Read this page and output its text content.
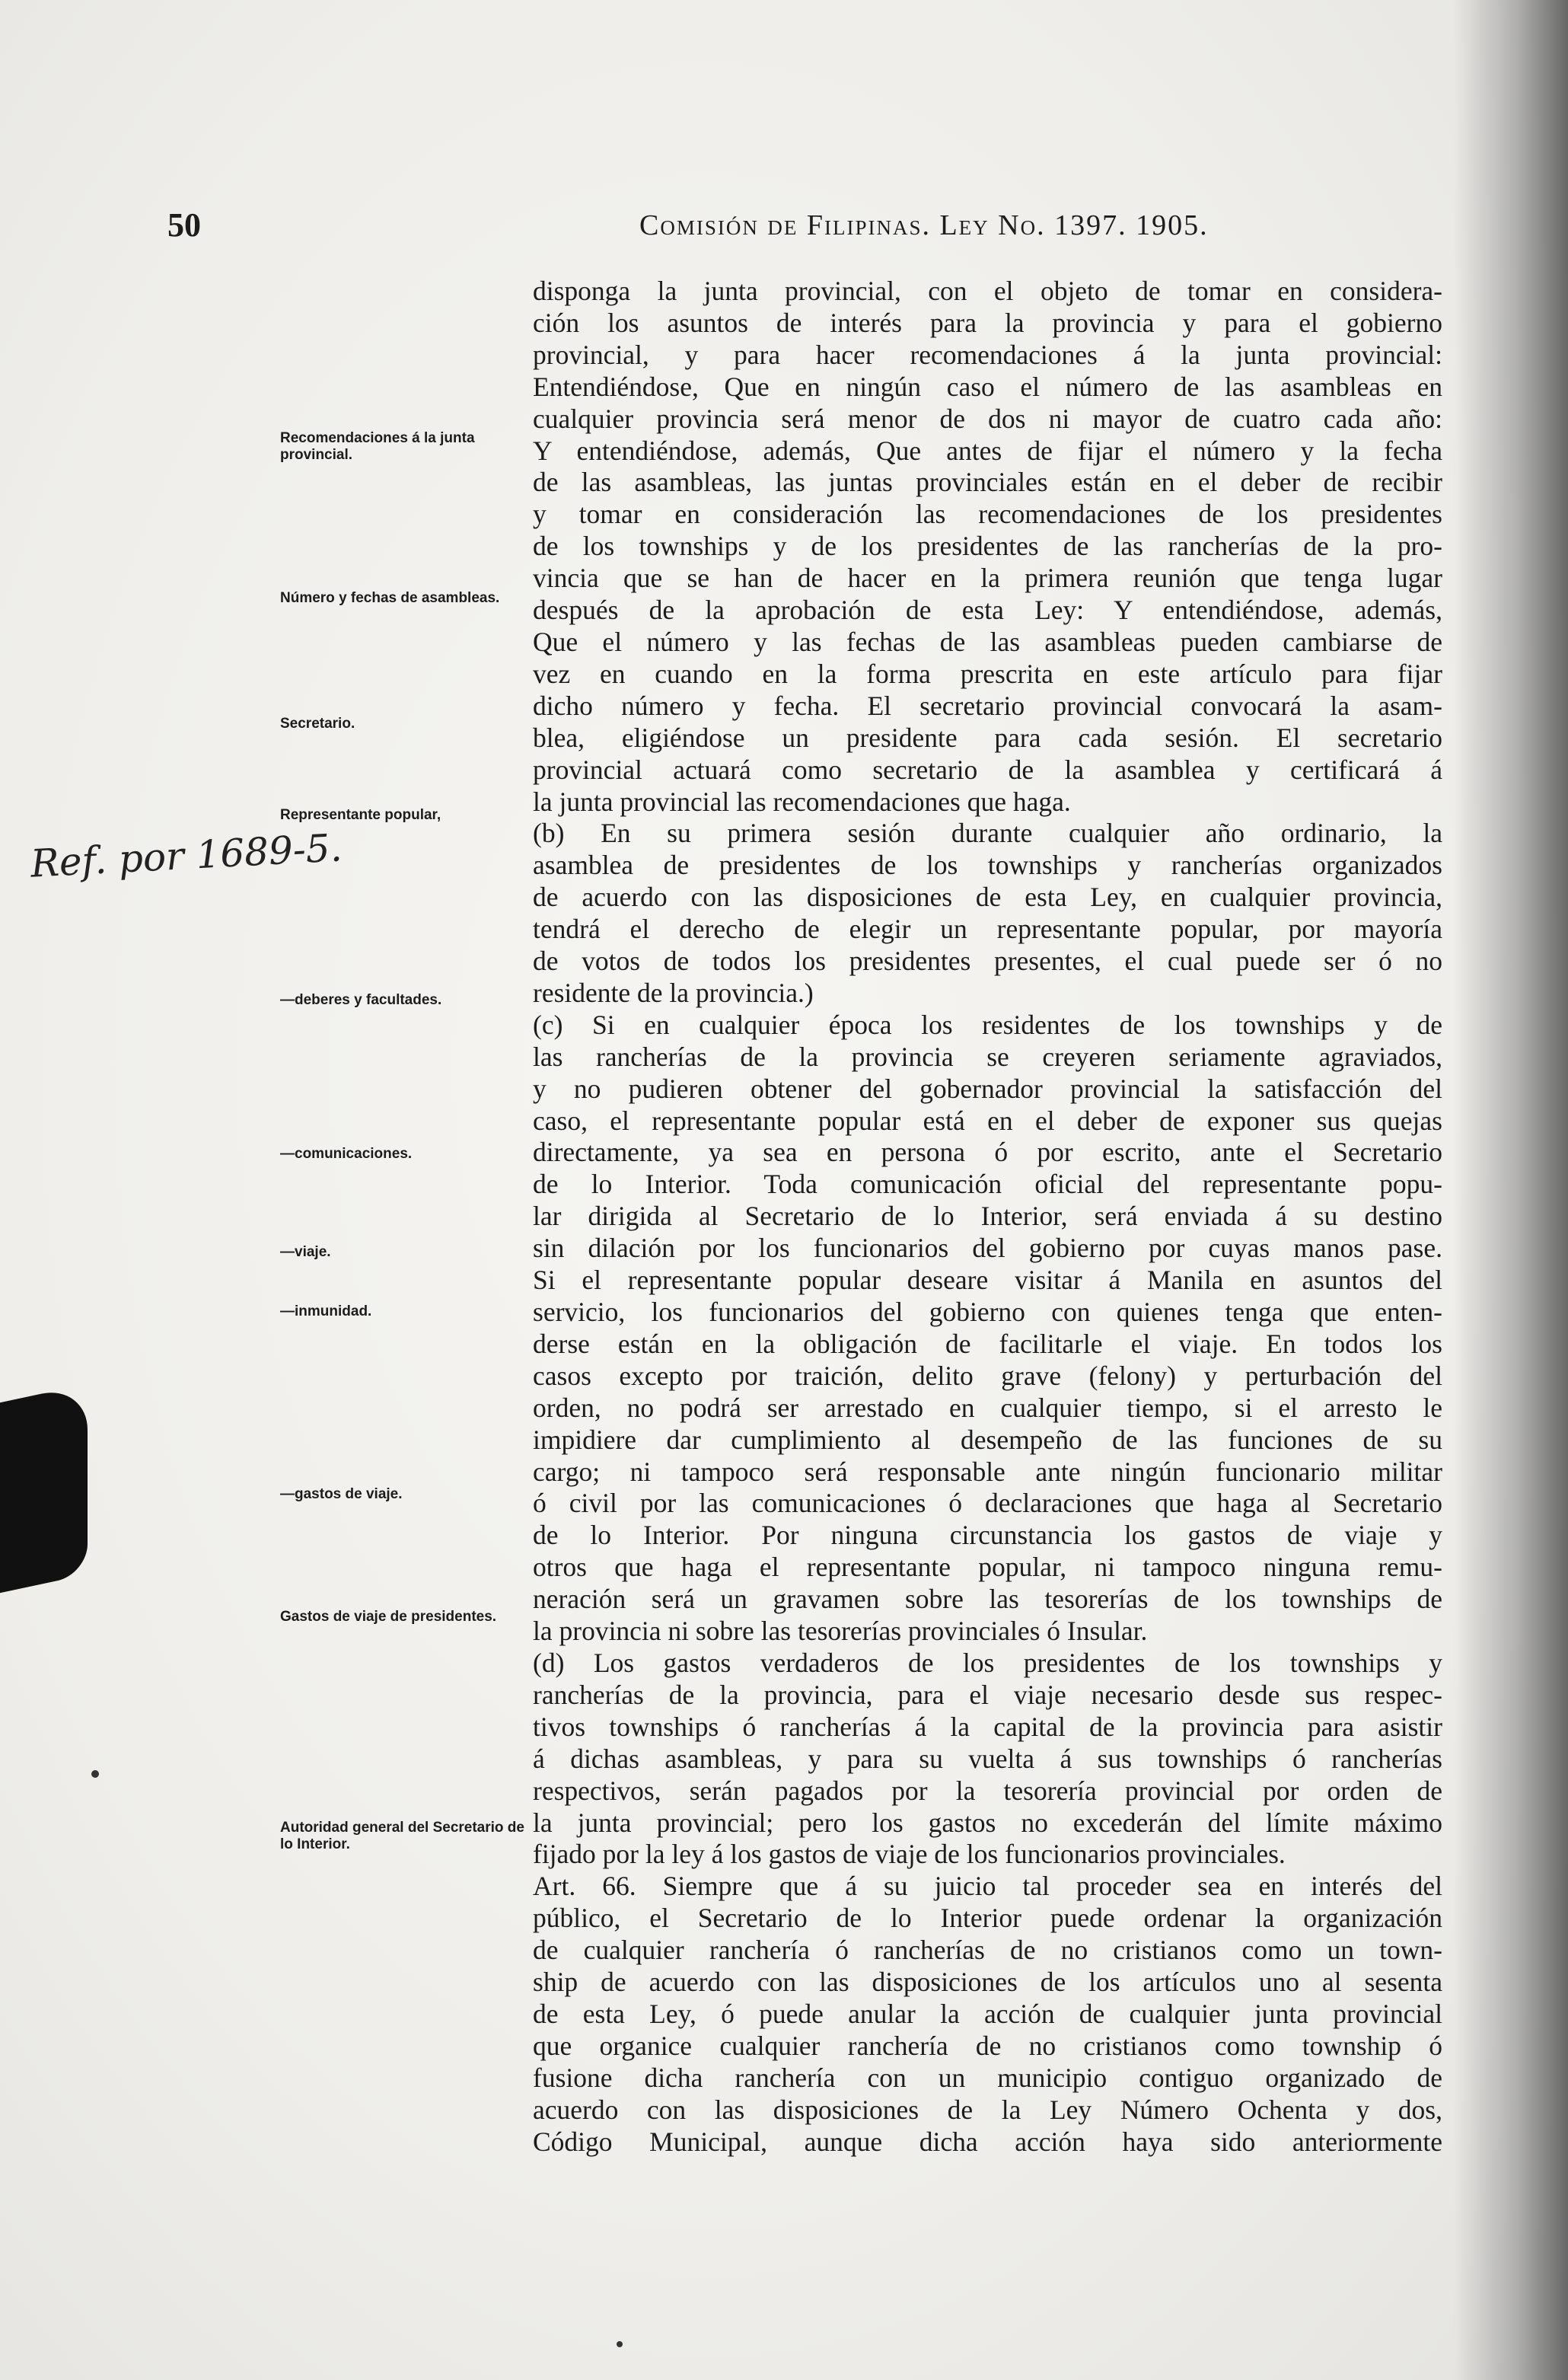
50	Comisión de Filipinas. Ley No. 1397. 1905.
Recomendaciones á la junta provincial.
Número y fechas de asambleas.
Secretario.
Representante popular,
—deberes y facultades.
—comunicaciones.
—viaje.
—inmunidad.
—gastos de viaje.
Gastos de viaje de presidentes.
Autoridad general del Secretario de lo Interior.
Ref. por 1689-5.
disponga la junta provincial, con el objeto de tomar en considera-
ción los asuntos de interés para la provincia y para el gobierno
provincial, y para hacer recomendaciones á la junta provincial:
Entendiéndose, Que en ningún caso el número de las asambleas en
cualquier provincia será menor de dos ni mayor de cuatro cada año:
Y entendiéndose, además, Que antes de fijar el número y la fecha
de las asambleas, las juntas provinciales están en el deber de recibir
y tomar en consideración las recomendaciones de los presidentes
de los townships y de los presidentes de las rancherías de la pro-
vincia que se han de hacer en la primera reunión que tenga lugar
después de la aprobación de esta Ley: Y entendiéndose, además,
Que el número y las fechas de las asambleas pueden cambiarse de
vez en cuando en la forma prescrita en este artículo para fijar
dicho número y fecha. El secretario provincial convocará la asam-
blea, eligiéndose un presidente para cada sesión. El secretario
provincial actuará como secretario de la asamblea y certificará á
la junta provincial las recomendaciones que haga.
(b) En su primera sesión durante cualquier año ordinario, la
asamblea de presidentes de los townships y rancherías organizados
de acuerdo con las disposiciones de esta Ley, en cualquier provincia,
tendrá el derecho de elegir un representante popular, por mayoría
de votos de todos los presidentes presentes, el cual puede ser ó no
residente de la provincia.)
(c) Si en cualquier época los residentes de los townships y de
las rancherías de la provincia se creyeren seriamente agraviados,
y no pudieren obtener del gobernador provincial la satisfacción del
caso, el representante popular está en el deber de exponer sus quejas
directamente, ya sea en persona ó por escrito, ante el Secretario
de lo Interior. Toda comunicación oficial del representante popu-
lar dirigida al Secretario de lo Interior, será enviada á su destino
sin dilación por los funcionarios del gobierno por cuyas manos pase.
Si el representante popular deseare visitar á Manila en asuntos del
servicio, los funcionarios del gobierno con quienes tenga que enten-
derse están en la obligación de facilitarle el viaje. En todos los
casos excepto por traición, delito grave (felony) y perturbación del
orden, no podrá ser arrestado en cualquier tiempo, si el arresto le
impidiere dar cumplimiento al desempeño de las funciones de su
cargo; ni tampoco será responsable ante ningún funcionario militar
ó civil por las comunicaciones ó declaraciones que haga al Secretario
de lo Interior. Por ninguna circunstancia los gastos de viaje y
otros que haga el representante popular, ni tampoco ninguna remu-
neración será un gravamen sobre las tesorerías de los townships de
la provincia ni sobre las tesorerías provinciales ó Insular.
(d) Los gastos verdaderos de los presidentes de los townships y
rancherías de la provincia, para el viaje necesario desde sus respec-
tivos townships ó rancherías á la capital de la provincia para asistir
á dichas asambleas, y para su vuelta á sus townships ó rancherías
respectivos, serán pagados por la tesorería provincial por orden de
la junta provincial; pero los gastos no excederán del límite máximo
fijado por la ley á los gastos de viaje de los funcionarios provinciales.
Art. 66. Siempre que á su juicio tal proceder sea en interés del
público, el Secretario de lo Interior puede ordenar la organización
de cualquier ranchería ó rancherías de no cristianos como un town-
ship de acuerdo con las disposiciones de los artículos uno al sesenta
de esta Ley, ó puede anular la acción de cualquier junta provincial
que organice cualquier ranchería de no cristianos como township ó
fusione dicha ranchería con un municipio contiguo organizado de
acuerdo con las disposiciones de la Ley Número Ochenta y dos,
Código Municipal, aunque dicha acción haya sido anteriormente
